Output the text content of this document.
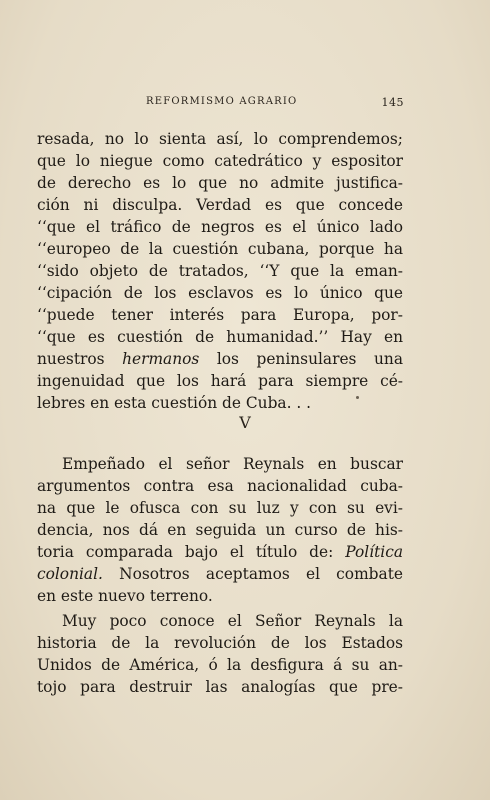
REFORMISMO AGRARIO	145
resada, no lo sienta así, lo comprendemos;
que lo niegue como catedrático y espositor
de derecho es lo que no admite justifica-
ción ni disculpa. Verdad es que concede
‘‘que el tráfico de negros es el único lado
‘‘europeo de la cuestión cubana, porque ha
‘‘sido objeto de tratados, ‘‘Y que la eman-
‘‘cipación de los esclavos es lo único que
‘‘puede tener interés para Europa, por-
‘‘que es cuestión de humanidad.’’ Hay en
nuestros hermanos los peninsulares una
ingenuidad que los hará para siempre cé-
lebres en esta cuestión de Cuba. . .
V
Empeñado el señor Reynals en buscar
argumentos contra esa nacionalidad cuba-
na que le ofusca con su luz y con su evi-
dencia, nos dá en seguida un curso de his-
toria comparada bajo el título de: Política
colonial. Nosotros aceptamos el combate
en este nuevo terreno.
Muy poco conoce el Señor Reynals la
historia de la revolución de los Estados
Unidos de América, ó la desfigura á su an-
tojo para destruir las analogías que pre-
